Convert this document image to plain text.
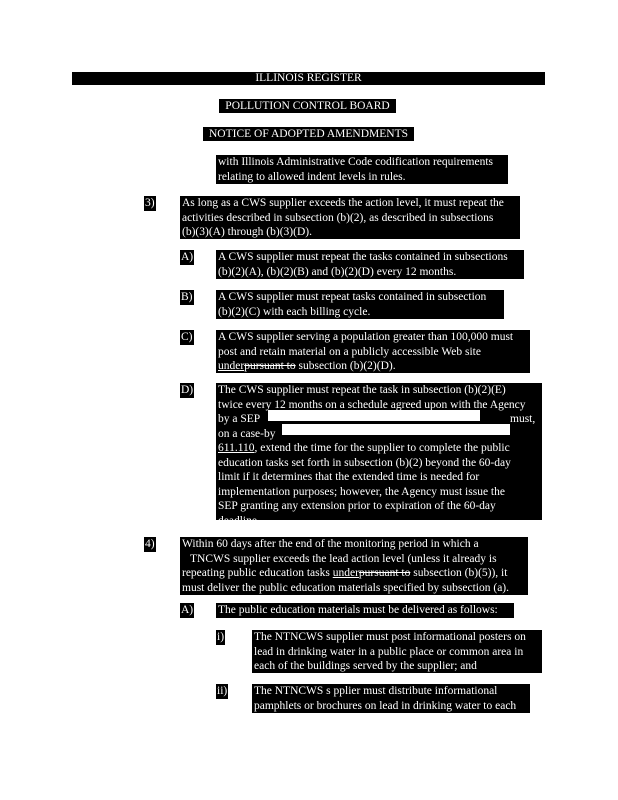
ILLINOIS REGISTER
POLLUTION CONTROL BOARD
NOTICE OF ADOPTED AMENDMENTS
with Illinois Administrative Code codification requirements
relating to allowed indent levels in rules.
3) As long as a CWS supplier exceeds the action level, it must repeat the
activities described in subsection (b)(2), as described in subsections
(b)(3)(A) through (b)(3)(D).
A) A CWS supplier must repeat the tasks contained in subsections
(b)(2)(A), (b)(2)(B) and (b)(2)(D) every 12 months.
B) A CWS supplier must repeat tasks contained in subsection
(b)(2)(C) with each billing cycle.
C) A CWS supplier serving a population greater than 100,000 must
post and retain material on a publicly accessible Web site
underpursuant to subsection (b)(2)(D).
D) The CWS supplier must repeat the task in subsection (b)(2)(E)
twice every 12 months on a schedule agreed upon with the Agency
by a SEP	must,
on a case-by
611.110, extend the time for the supplier to complete the public
education tasks set forth in subsection (b)(2) beyond the 60-day
limit if it determines that the extended time is needed for
implementation purposes; however, the Agency must issue the
SEP granting any extension prior to expiration of the 60-day
deadline.
4) Within 60 days after the end of the monitoring period in which a
TNCWS supplier exceeds the lead action level (unless it already is
repeating public education tasks underpursuant to subsection (b)(5)), it
must deliver the public education materials specified by subsection (a).
A) The public education materials must be delivered as follows:
i)	The NTNCWS supplier must post informational posters on
lead in drinking water in a public place or common area in
each of the buildings served by the supplier; and
ii) The NTNCWS s pplier must distribute informational
pamphlets or brochures on lead in drinking water to each
